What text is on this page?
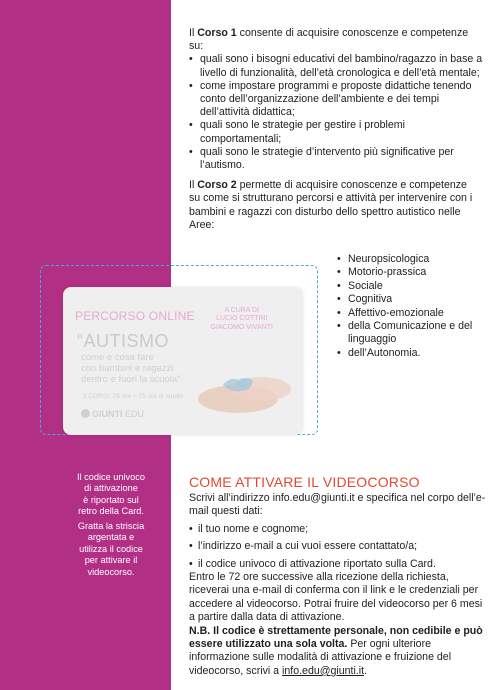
Il codice univoco
di attivazione
è riportato sul
retro della Card.
Gratta la striscia
argentata e
utilizza il codice
per attivare il
videocorso.

Il Corso 1 consente di acquisire conoscenze e competenze su:

• quali sono i bisogni educativi del bambino/ragazzo in base a livello di funzionalità, dell’età cronologica e dell’età mentale;
• come impostare programmi e proposte didattiche tenendo conto dell’organizzazione dell’ambiente e dei tempi dell’attività didattica;
• quali sono le strategie per gestire i problemi comportamentali;
• quali sono le strategie d’intervento più significative per l’autismo.

Il Corso 2 permette di acquisire conoscenze e competenze su come si strutturano percorsi e attività per intervenire con i bambini e ragazzi con disturbo dello spettro autistico nelle Aree:

• Neuropsicologica
• Motorio-prassica
• Sociale
• Cognitiva
• Affettivo-emozionale
• della Comunicazione e del linguaggio
• dell’Autonomia.
PERCORSO ONLINE	A CURA DI
LUCIO COTTINI
GIACOMO VIVANTI
“AUTISMO
come e cosa fare
con bambini e ragazzi
dentro e fuori la scuola”
2 CORSI: 25 ore + 25 ore di studio
GIUNTI EDU
COME ATTIVARE IL VIDEOCORSO

Scrivi all’indirizzo info.edu@giunti.it e specifica nel corpo dell’e-mail questi dati:

• il tuo nome e cognome;
• l’indirizzo e-mail a cui vuoi essere contattato/a;
• il codice univoco di attivazione riportato sulla Card.

Entro le 72 ore successive alla ricezione della richiesta, riceverai una e-mail di conferma con il link e le credenziali per accedere al videocorso. Potrai fruire del videocorso per 6 mesi a partire dalla data di attivazione.

N.B. Il codice è strettamente personale, non cedibile e può essere utilizzato una sola volta. Per ogni ulteriore informazione sulle modalità di attivazione e fruizione del videocorso, scrivi a info.edu@giunti.it.
